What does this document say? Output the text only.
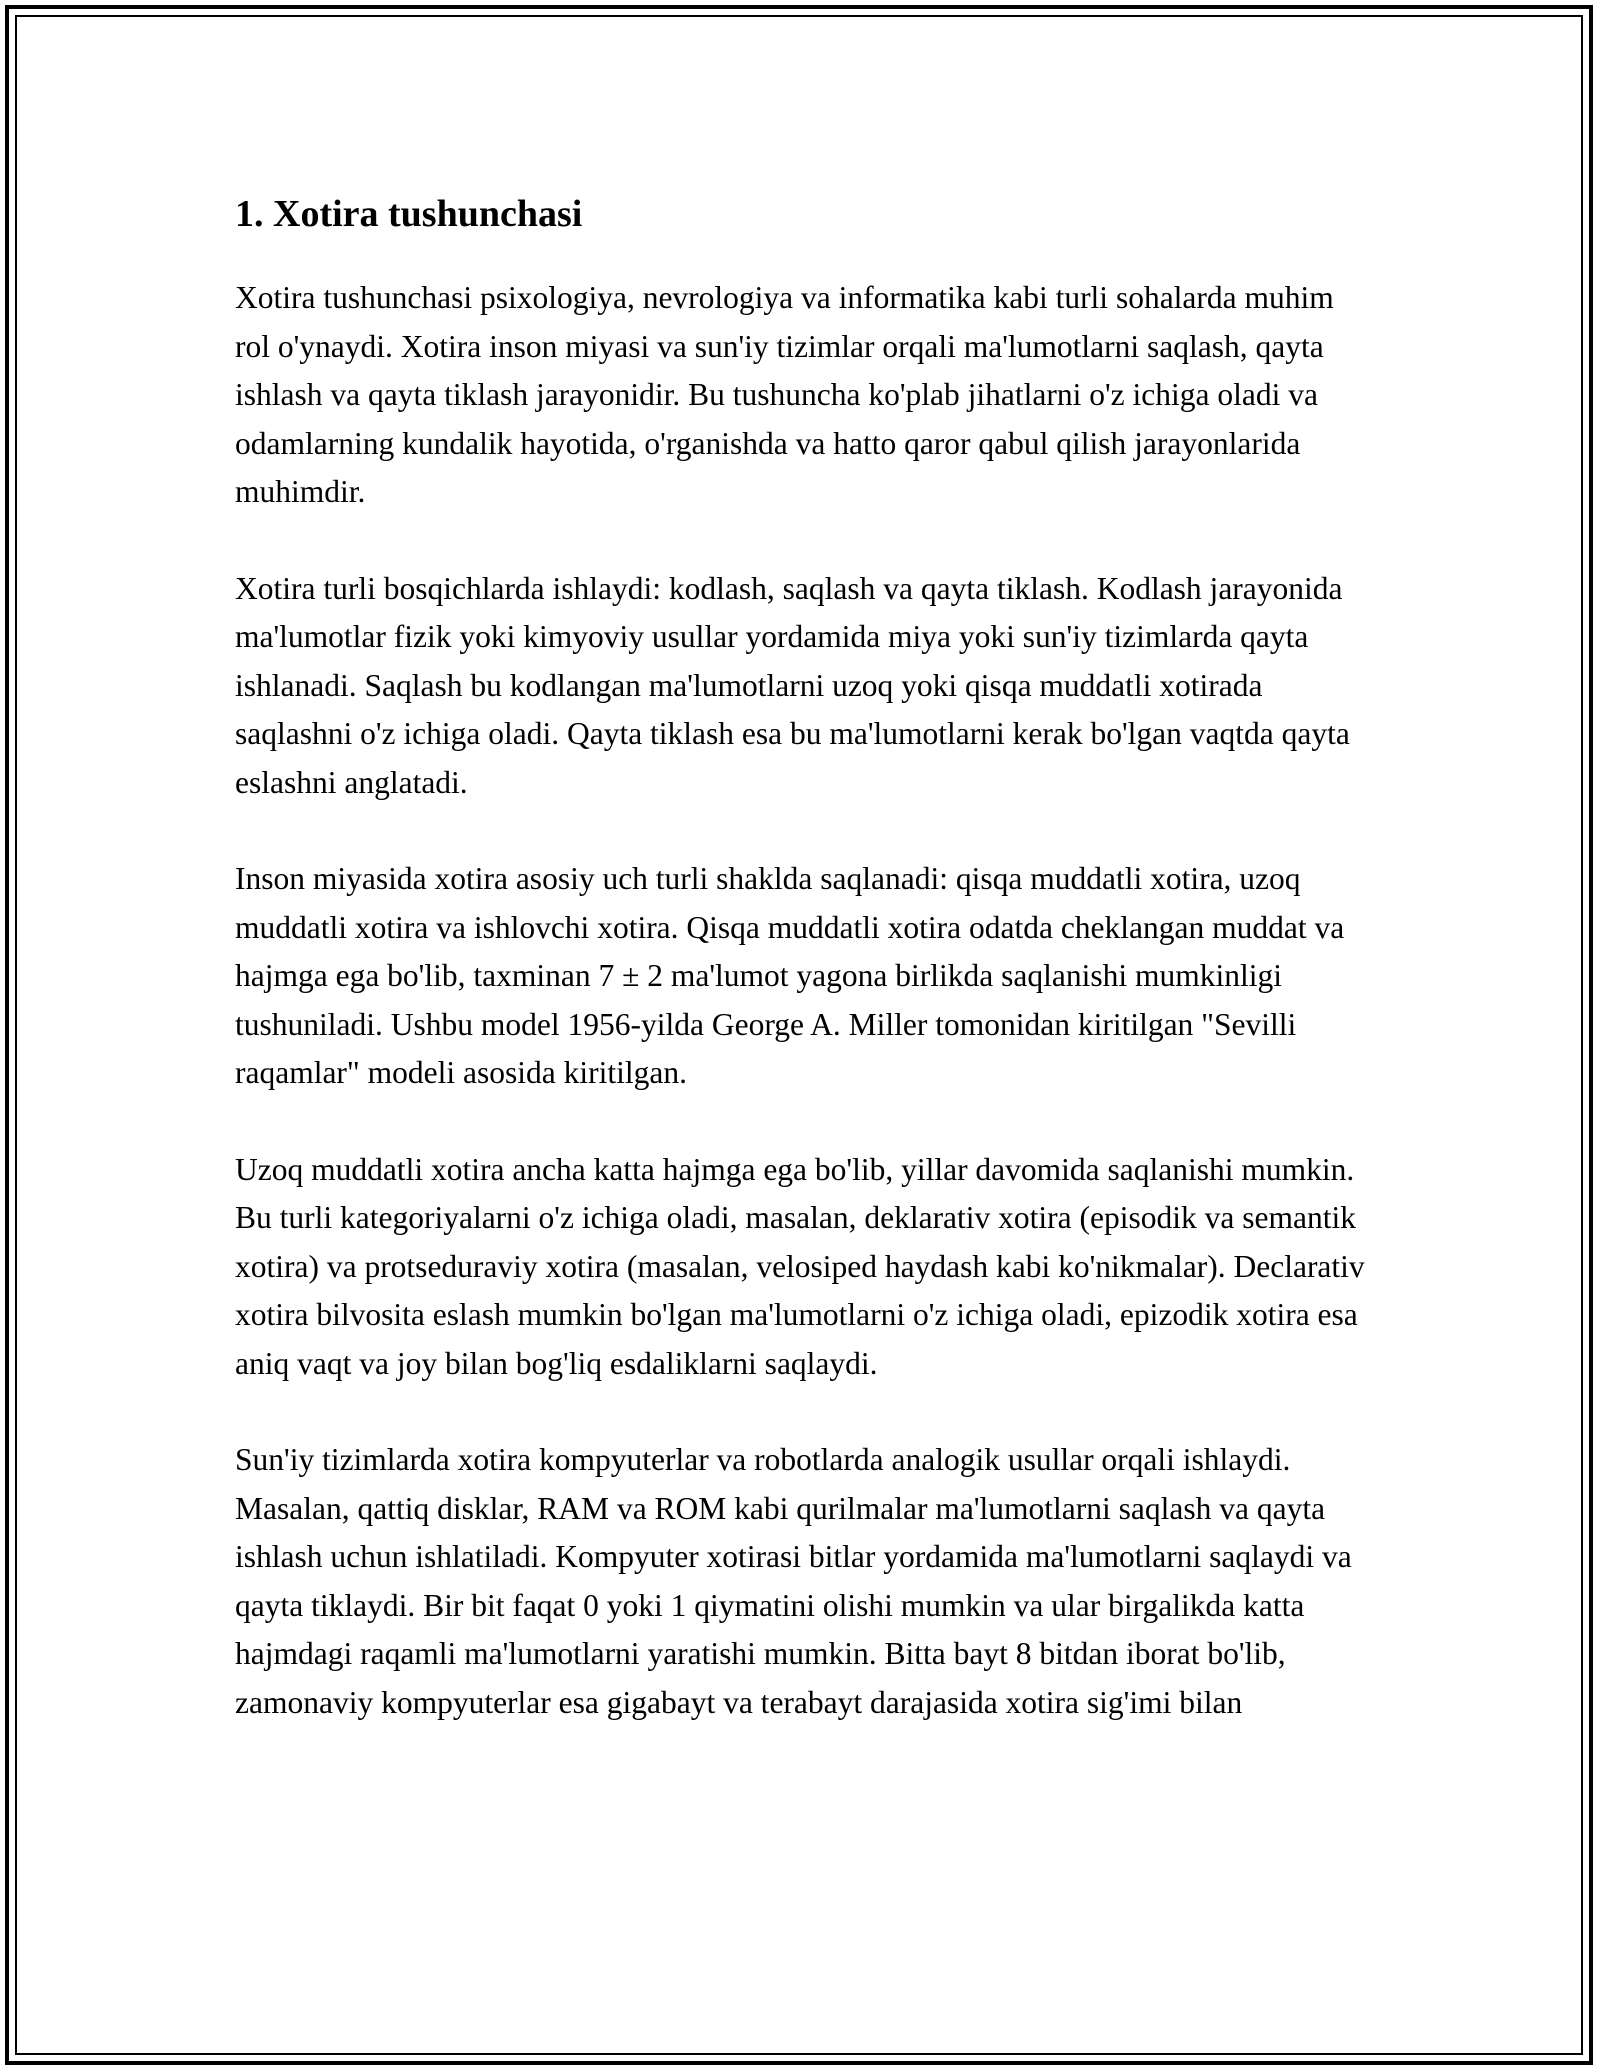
1. Xotira tushunchasi

Xotira tushunchasi psixologiya, nevrologiya va informatika kabi turli sohalarda muhim rol o'ynaydi. Xotira inson miyasi va sun'iy tizimlar orqali ma'lumotlarni saqlash, qayta ishlash va qayta tiklash jarayonidir. Bu tushuncha ko'plab jihatlarni o'z ichiga oladi va odamlarning kundalik hayotida, o'rganishda va hatto qaror qabul qilish jarayonlarida muhimdir.

Xotira turli bosqichlarda ishlaydi: kodlash, saqlash va qayta tiklash. Kodlash jarayonida ma'lumotlar fizik yoki kimyoviy usullar yordamida miya yoki sun'iy tizimlarda qayta ishlanadi. Saqlash bu kodlangan ma'lumotlarni uzoq yoki qisqa muddatli xotirada saqlashni o'z ichiga oladi. Qayta tiklash esa bu ma'lumotlarni kerak bo'lgan vaqtda qayta eslashni anglatadi.

Inson miyasida xotira asosiy uch turli shaklda saqlanadi: qisqa muddatli xotira, uzoq muddatli xotira va ishlovchi xotira. Qisqa muddatli xotira odatda cheklangan muddat va hajmga ega bo'lib, taxminan 7 ± 2 ma'lumot yagona birlikda saqlanishi mumkinligi tushuniladi. Ushbu model 1956-yilda George A. Miller tomonidan kiritilgan "Sevilli raqamlar" modeli asosida kiritilgan.

Uzoq muddatli xotira ancha katta hajmga ega bo'lib, yillar davomida saqlanishi mumkin. Bu turli kategoriyalarni o'z ichiga oladi, masalan, deklarativ xotira (episodik va semantik xotira) va protseduraviy xotira (masalan, velosiped haydash kabi ko'nikmalar). Declarativ xotira bilvosita eslash mumkin bo'lgan ma'lumotlarni o'z ichiga oladi, epizodik xotira esa aniq vaqt va joy bilan bog'liq esdaliklarni saqlaydi.

Sun'iy tizimlarda xotira kompyuterlar va robotlarda analogik usullar orqali ishlaydi. Masalan, qattiq disklar, RAM va ROM kabi qurilmalar ma'lumotlarni saqlash va qayta ishlash uchun ishlatiladi. Kompyuter xotirasi bitlar yordamida ma'lumotlarni saqlaydi va qayta tiklaydi. Bir bit faqat 0 yoki 1 qiymatini olishi mumkin va ular birgalikda katta hajmdagi raqamli ma'lumotlarni yaratishi mumkin. Bitta bayt 8 bitdan iborat bo'lib, zamonaviy kompyuterlar esa gigabayt va terabayt darajasida xotira sig'imi bilan
